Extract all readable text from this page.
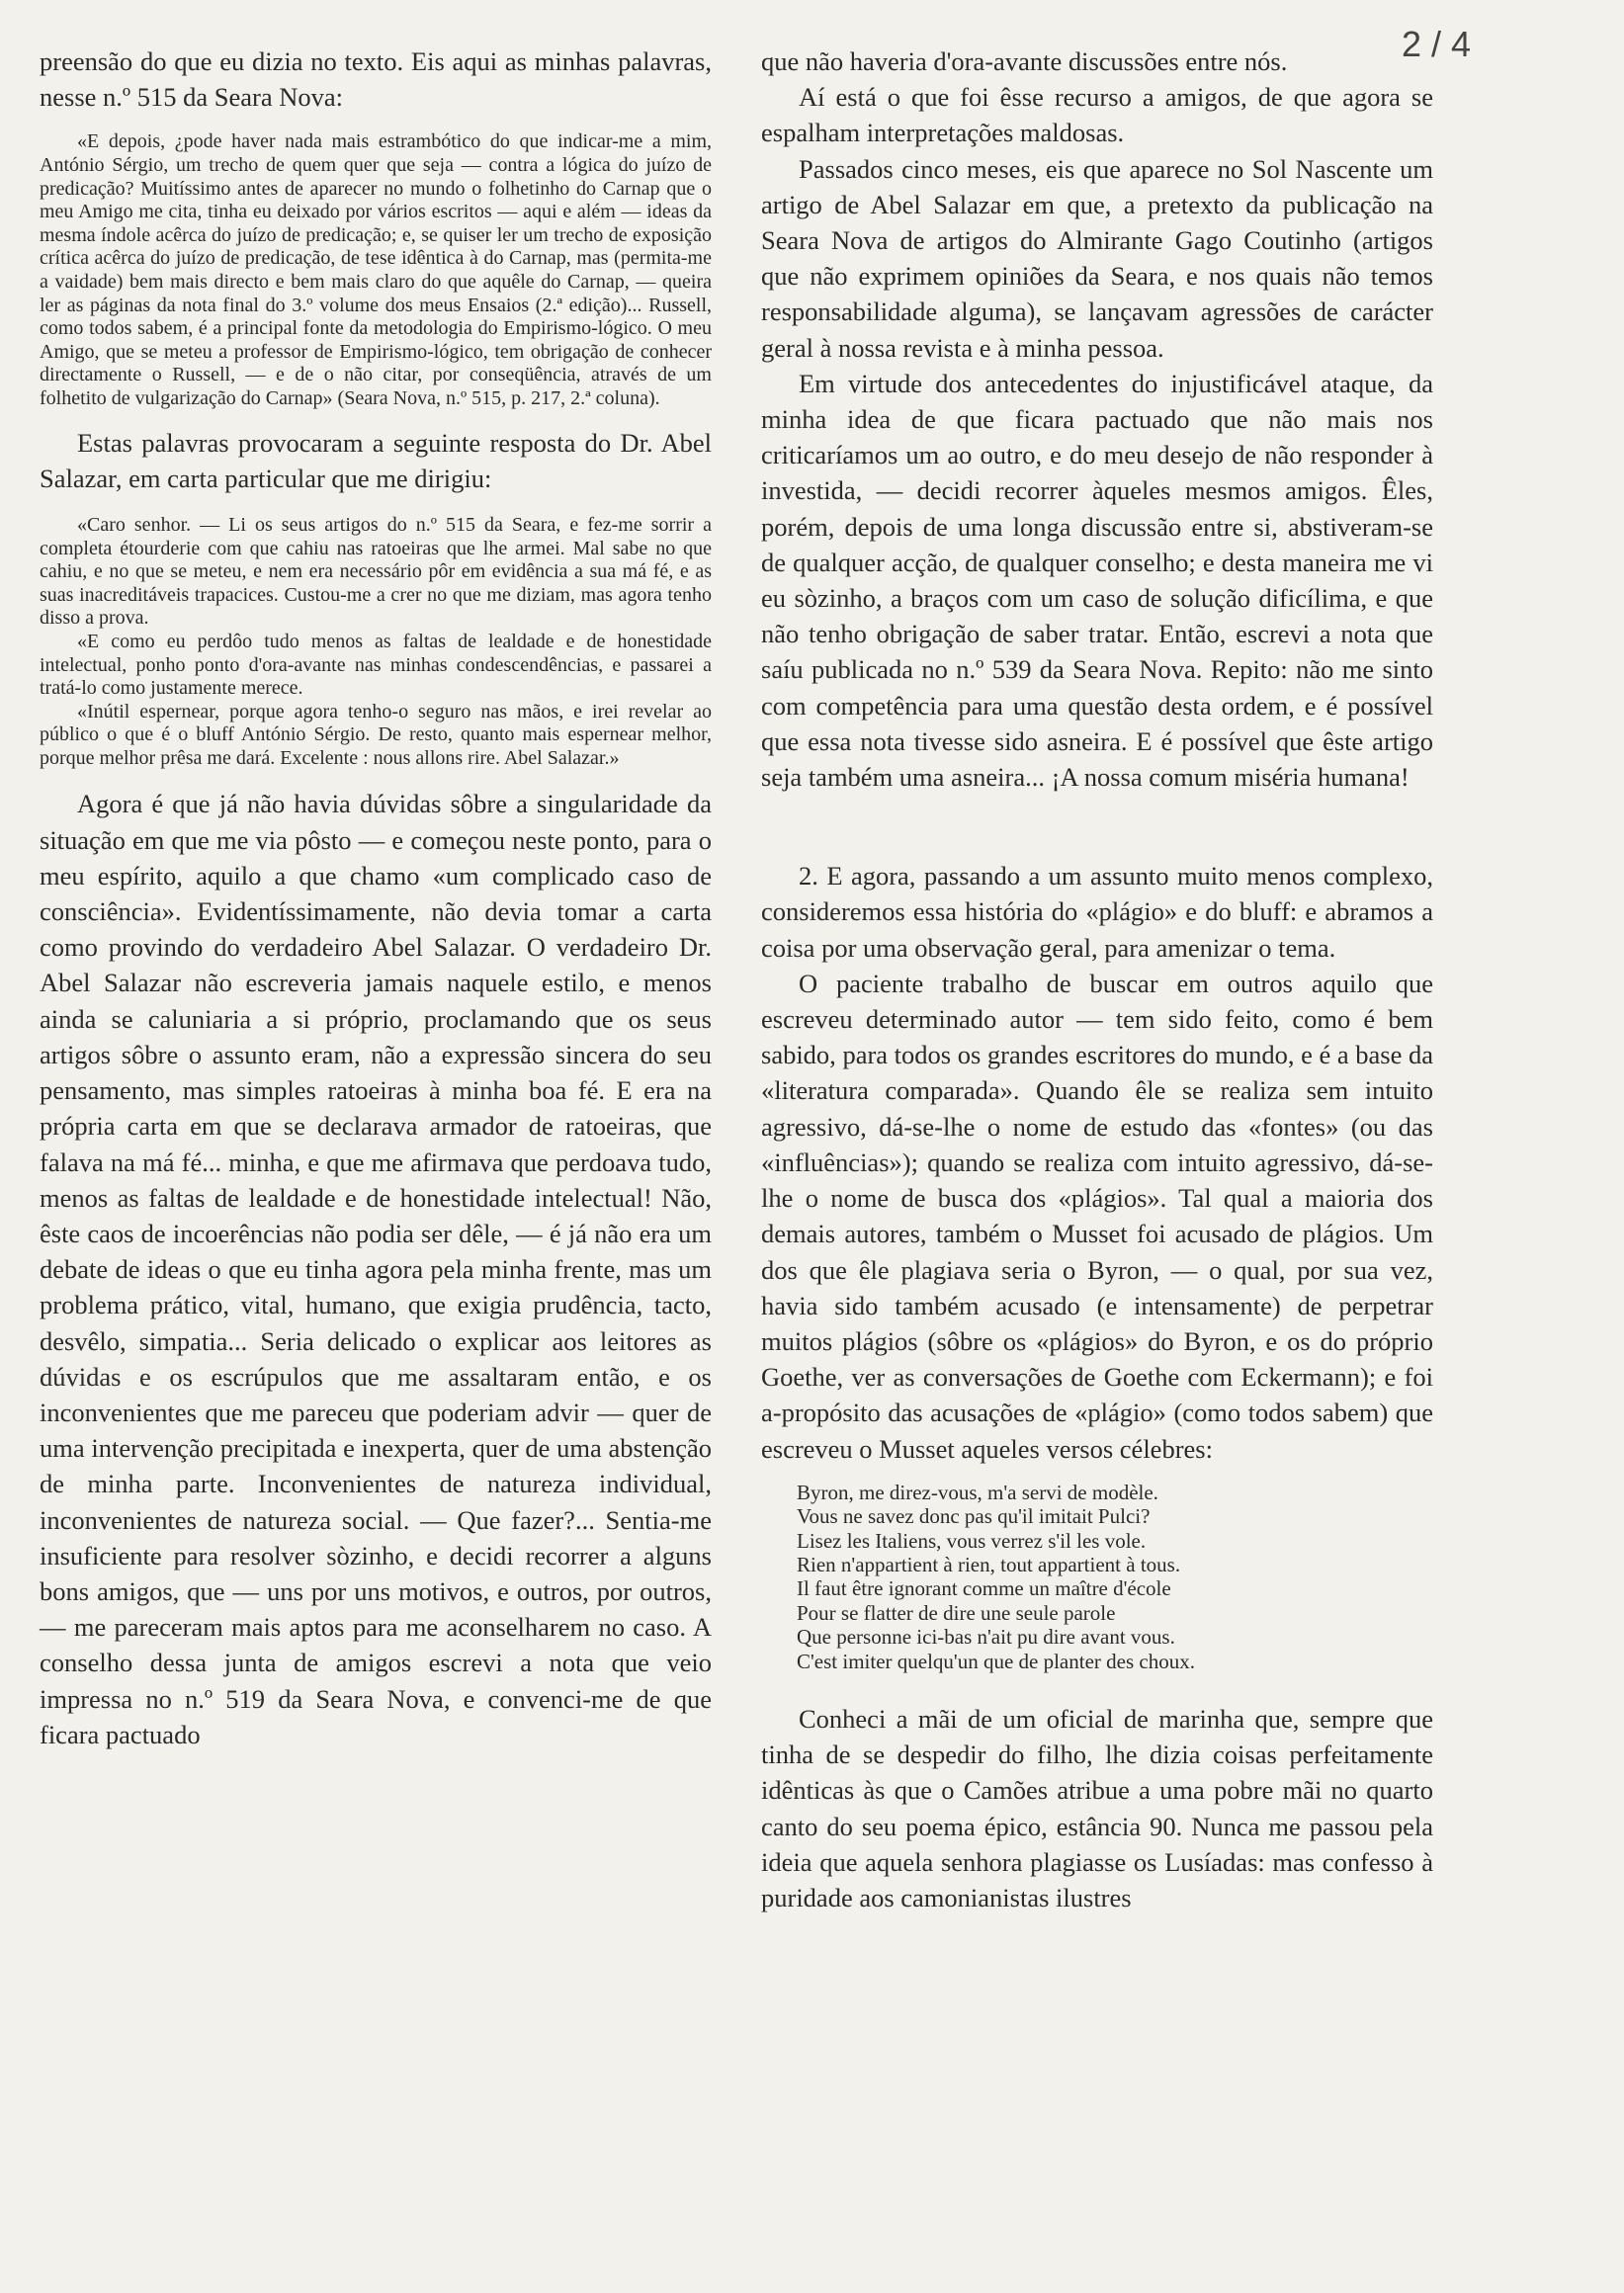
2 / 4

preensão do que eu dizia no texto. Eis aqui as minhas palavras, nesse n.º 515 da Seara Nova:

«E depois, ¿pode haver nada mais estrambótico do que indicar-me a mim, António Sérgio, um trecho de quem quer que seja — contra a lógica do juízo de predicação? Muitíssimo antes de aparecer no mundo o folhetinho do Carnap que o meu Amigo me cita, tinha eu deixado por vários escritos — aqui e além — ideas da mesma índole acêrca do juízo de predicação; e, se quiser ler um trecho de exposição crítica acêrca do juízo de predicação, de tese idêntica à do Carnap, mas (permita-me a vaidade) bem mais directo e bem mais claro do que aquêle do Carnap, — queira ler as páginas da nota final do 3.º volume dos meus Ensaios (2.ª edição)... Russell, como todos sabem, é a principal fonte da metodologia do Empirismo-lógico. O meu Amigo, que se meteu a professor de Empirismo-lógico, tem obrigação de conhecer directamente o Russell, — e de o não citar, por conseqüência, através de um folhetito de vulgarização do Carnap» (Seara Nova, n.º 515, p. 217, 2.ª coluna).

Estas palavras provocaram a seguinte resposta do Dr. Abel Salazar, em carta particular que me dirigiu:

«Caro senhor. — Li os seus artigos do n.º 515 da Seara, e fez-me sorrir a completa étourderie com que cahiu nas ratoeiras que lhe armei. Mal sabe no que cahiu, e no que se meteu, e nem era necessário pôr em evidência a sua má fé, e as suas inacreditáveis trapacices. Custou-me a crer no que me diziam, mas agora tenho disso a prova.

«E como eu perdôo tudo menos as faltas de lealdade e de honestidade intelectual, ponho ponto d'ora-avante nas minhas condescendências, e passarei a tratá-lo como justamente merece.

«Inútil espernear, porque agora tenho-o seguro nas mãos, e irei revelar ao público o que é o bluff António Sérgio. De resto, quanto mais espernear melhor, porque melhor prêsa me dará. Excelente : nous allons rire. Abel Salazar.»

Agora é que já não havia dúvidas sôbre a singularidade da situação em que me via pôsto — e começou neste ponto, para o meu espírito, aquilo a que chamo «um complicado caso de consciência». Evidentíssimamente, não devia tomar a carta como provindo do verdadeiro Abel Salazar. O verdadeiro Dr. Abel Salazar não escreveria jamais naquele estilo, e menos ainda se caluniaria a si próprio, proclamando que os seus artigos sôbre o assunto eram, não a expressão sincera do seu pensamento, mas simples ratoeiras à minha boa fé. E era na própria carta em que se declarava armador de ratoeiras, que falava na má fé... minha, e que me afirmava que perdoava tudo, menos as faltas de lealdade e de honestidade intelectual! Não, êste caos de incoerências não podia ser dêle, — é já não era um debate de ideas o que eu tinha agora pela minha frente, mas um problema prático, vital, humano, que exigia prudência, tacto, desvêlo, simpatia... Seria delicado o explicar aos leitores as dúvidas e os escrúpulos que me assaltaram então, e os inconvenientes que me pareceu que poderiam advir — quer de uma intervenção precipitada e inexperta, quer de uma abstenção de minha parte. Inconvenientes de natureza individual, inconvenientes de natureza social. — Que fazer?... Sentia-me insuficiente para resolver sòzinho, e decidi recorrer a alguns bons amigos, que — uns por uns motivos, e outros, por outros, — me pareceram mais aptos para me aconselharem no caso. A conselho dessa junta de amigos escrevi a nota que veio impressa no n.º 519 da Seara Nova, e convenci-me de que ficara pactuado

que não haveria d'ora-avante discussões entre nós.

Aí está o que foi êsse recurso a amigos, de que agora se espalham interpretações maldosas.

Passados cinco meses, eis que aparece no Sol Nascente um artigo de Abel Salazar em que, a pretexto da publicação na Seara Nova de artigos do Almirante Gago Coutinho (artigos que não exprimem opiniões da Seara, e nos quais não temos responsabilidade alguma), se lançavam agressões de carácter geral à nossa revista e à minha pessoa.

Em virtude dos antecedentes do injustificável ataque, da minha idea de que ficara pactuado que não mais nos criticaríamos um ao outro, e do meu desejo de não responder à investida, — decidi recorrer àqueles mesmos amigos. Êles, porém, depois de uma longa discussão entre si, abstiveram-se de qualquer acção, de qualquer conselho; e desta maneira me vi eu sòzinho, a braços com um caso de solução dificílima, e que não tenho obrigação de saber tratar. Então, escrevi a nota que saíu publicada no n.º 539 da Seara Nova. Repito: não me sinto com competência para uma questão desta ordem, e é possível que essa nota tivesse sido asneira. E é possível que êste artigo seja também uma asneira... ¡A nossa comum miséria humana!

2. E agora, passando a um assunto muito menos complexo, consideremos essa história do «plágio» e do bluff: e abramos a coisa por uma observação geral, para amenizar o tema.

O paciente trabalho de buscar em outros aquilo que escreveu determinado autor — tem sido feito, como é bem sabido, para todos os grandes escritores do mundo, e é a base da «literatura comparada». Quando êle se realiza sem intuito agressivo, dá-se-lhe o nome de estudo das «fontes» (ou das «influências»); quando se realiza com intuito agressivo, dá-se-lhe o nome de busca dos «plágios». Tal qual a maioria dos demais autores, também o Musset foi acusado de plágios. Um dos que êle plagiava seria o Byron, — o qual, por sua vez, havia sido também acusado (e intensamente) de perpetrar muitos plágios (sôbre os «plágios» do Byron, e os do próprio Goethe, ver as conversações de Goethe com Eckermann); e foi a-propósito das acusações de «plágio» (como todos sabem) que escreveu o Musset aqueles versos célebres:

Byron, me direz-vous, m'a servi de modèle.
Vous ne savez donc pas qu'il imitait Pulci?
Lisez les Italiens, vous verrez s'il les vole.
Rien n'appartient à rien, tout appartient à tous.
Il faut être ignorant comme un maître d'école
Pour se flatter de dire une seule parole
Que personne ici-bas n'ait pu dire avant vous.
C'est imiter quelqu'un que de planter des choux.

Conheci a mãi de um oficial de marinha que, sempre que tinha de se despedir do filho, lhe dizia coisas perfeitamente idênticas às que o Camões atribue a uma pobre mãi no quarto canto do seu poema épico, estância 90. Nunca me passou pela ideia que aquela senhora plagiasse os Lusíadas: mas confesso à puridade aos camonianistas ilustres
